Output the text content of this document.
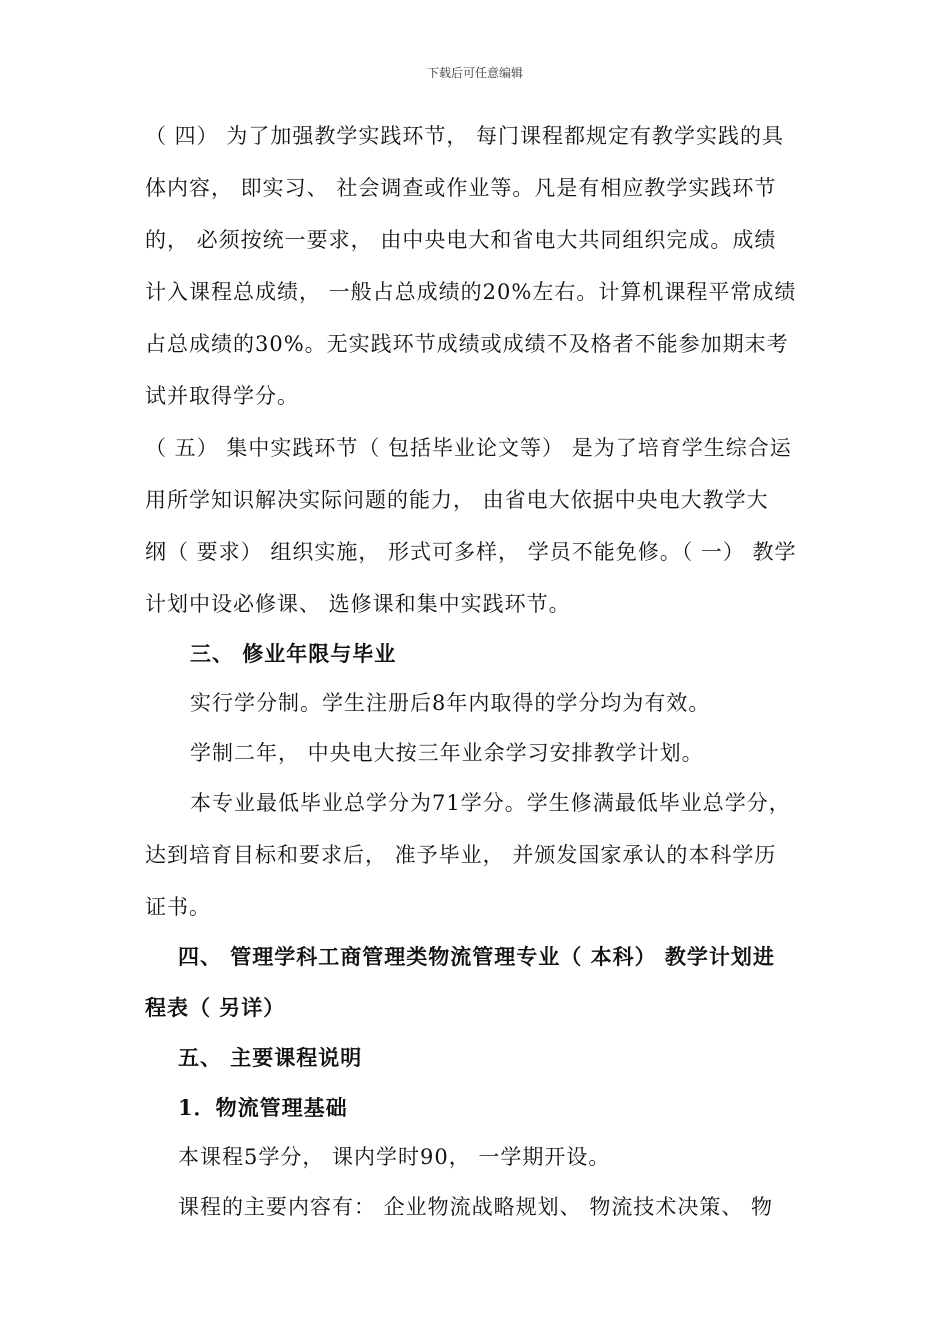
下载后可任意编辑
（ 四） 为了加强教学实践环节， 每门课程都规定有教学实践的具
体内容， 即实习、 社会调查或作业等。凡是有相应教学实践环节
的， 必须按统一要求， 由中央电大和省电大共同组织完成。成绩
计入课程总成绩， 一般占总成绩的20%左右。计算机课程平常成绩
占总成绩的30%。无实践环节成绩或成绩不及格者不能参加期末考
试并取得学分。
（ 五） 集中实践环节（ 包括毕业论文等） 是为了培育学生综合运
用所学知识解决实际问题的能力， 由省电大依据中央电大教学大
纲（ 要求） 组织实施， 形式可多样， 学员不能免修。（ 一） 教学
计划中设必修课、 选修课和集中实践环节。
三、 修业年限与毕业
实行学分制。学生注册后8年内取得的学分均为有效。
学制二年， 中央电大按三年业余学习安排教学计划。
本专业最低毕业总学分为71学分。学生修满最低毕业总学分，
达到培育目标和要求后， 准予毕业， 并颁发国家承认的本科学历
证书。
四、 管理学科工商管理类物流管理专业（ 本科） 教学计划进
程表（ 另详）
五、 主要课程说明
1．物流管理基础
本课程5学分， 课内学时90， 一学期开设。
课程的主要内容有： 企业物流战略规划、 物流技术决策、 物
